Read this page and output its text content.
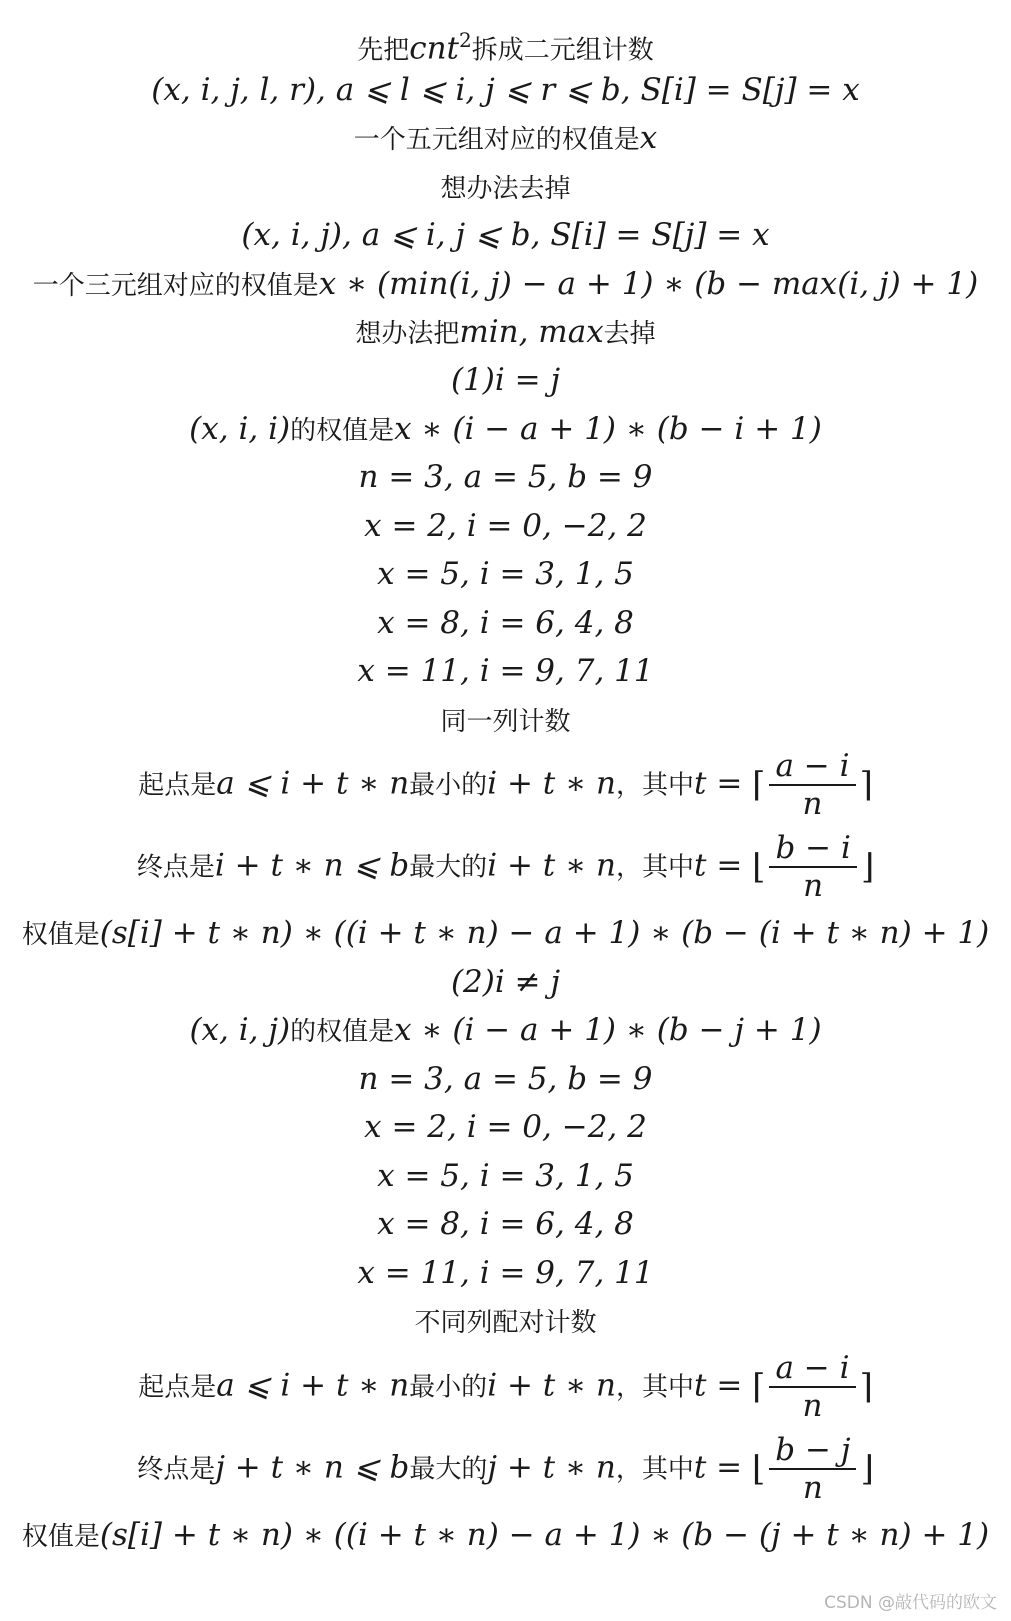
先把cnt$^2$拆成二元组计数
(x, i, j, l, r), a ⩽ l ⩽ i, j ⩽ r ⩽ b, S[i] = S[j] = x
一个五元组对应的权值是x
想办法去掉
(x, i, j), a ⩽ i, j ⩽ b, S[i] = S[j] = x
一个三元组对应的权值是x ∗ (min(i, j) − a + 1) ∗ (b − max(i, j) + 1)
想办法把min, max去掉
(1)i = j
(x, i, i)的权值是x ∗ (i − a + 1) ∗ (b − i + 1)
n = 3, a = 5, b = 9
x = 2, i = 0, −2, 2
x = 5, i = 3, 1, 5
x = 8, i = 6, 4, 8
x = 11, i = 9, 7, 11
同一列计数
起点是a ⩽ i + t ∗ n最小的i + t ∗ n，其中t = ⌈ $\frac{a - i}{n}$ ⌉
终点是i + t ∗ n ⩽ b最大的i + t ∗ n，其中t = ⌊ $\frac{b - i}{n}$ ⌋
权值是(s[i] + t ∗ n) ∗ ((i + t ∗ n) − a + 1) ∗ (b − (i + t ∗ n) + 1)
(2)i ≠ j
(x, i, j)的权值是x ∗ (i − a + 1) ∗ (b − j + 1)
n = 3, a = 5, b = 9
x = 2, i = 0, −2, 2
x = 5, i = 3, 1, 5
x = 8, i = 6, 4, 8
x = 11, i = 9, 7, 11
不同列配对计数
起点是a ⩽ i + t ∗ n最小的i + t ∗ n，其中t = ⌈ $\frac{a - i}{n}$ ⌉
终点是j + t ∗ n ⩽ b最大的j + t ∗ n，其中t = ⌊ $\frac{b - j}{n}$ ⌋
权值是(s[i] + t ∗ n) ∗ ((i + t ∗ n) − a + 1) ∗ (b − (j + t ∗ n) + 1)
CSDN @敲代码的欧文
